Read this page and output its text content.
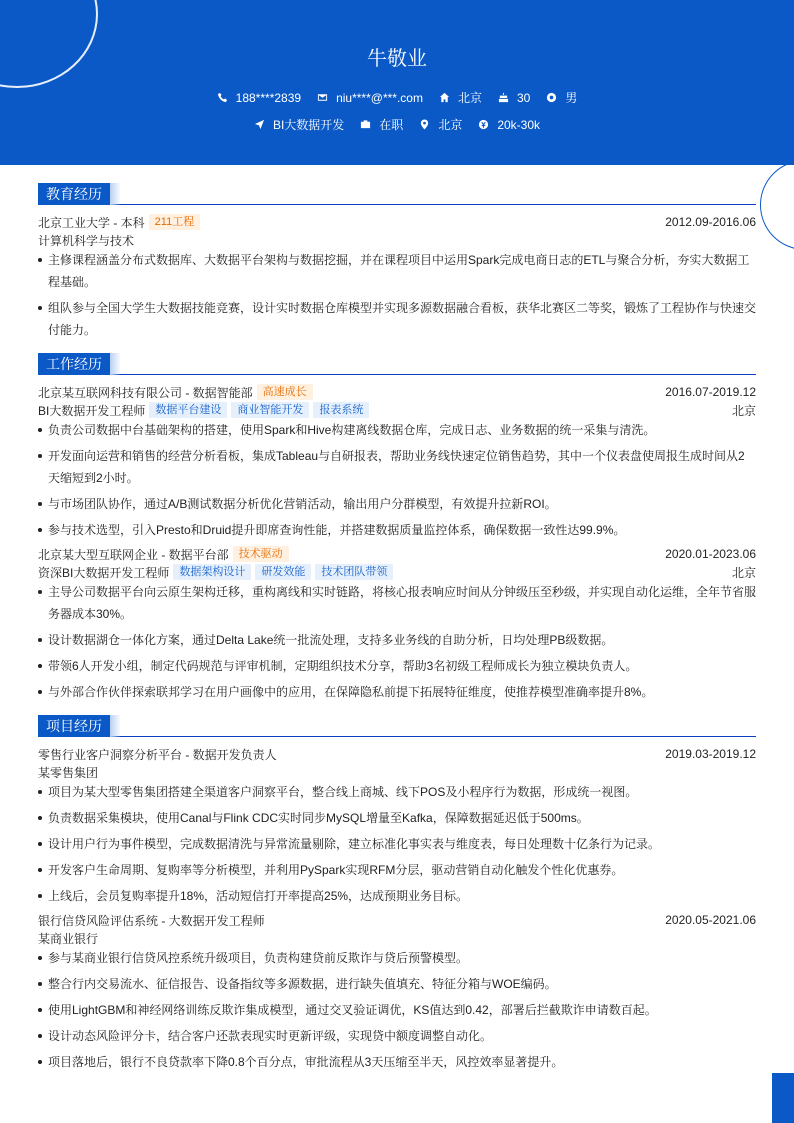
牛敬业
188****2839	niu****@***.com	北京	30	男
BI大数据开发	在职	北京	20k-30k
教育经历
北京工业大学 - 本科 211工程	2012.09-2016.06
计算机科学与技术
主修课程涵盖分布式数据库、大数据平台架构与数据挖掘，并在课程项目中运用Spark完成电商日志的ETL与聚合分析，夯实大数据工程基础。
组队参与全国大学生大数据技能竞赛，设计实时数据仓库模型并实现多源数据融合看板，获华北赛区二等奖，锻炼了工程协作与快速交付能力。
工作经历
北京某互联网科技有限公司 - 数据智能部 高速成长	2016.07-2019.12
BI大数据开发工程师 数据平台建设	商业智能开发	报表系统	北京
负责公司数据中台基础架构的搭建，使用Spark和Hive构建离线数据仓库，完成日志、业务数据的统一采集与清洗。
开发面向运营和销售的经营分析看板，集成Tableau与自研报表，帮助业务线快速定位销售趋势，其中一个仪表盘使周报生成时间从2天缩短到2小时。
与市场团队协作，通过A/B测试数据分析优化营销活动，输出用户分群模型，有效提升拉新ROI。
参与技术选型，引入Presto和Druid提升即席查询性能，并搭建数据质量监控体系，确保数据一致性达99.9%。
北京某大型互联网企业 - 数据平台部 技术驱动	2020.01-2023.06
资深BI大数据开发工程师 数据架构设计	研发效能	技术团队带领	北京
主导公司数据平台向云原生架构迁移，重构离线和实时链路，将核心报表响应时间从分钟级压至秒级，并实现自动化运维，全年节省服务器成本30%。
设计数据湖仓一体化方案，通过Delta Lake统一批流处理，支持多业务线的自助分析，日均处理PB级数据。
带领6人开发小组，制定代码规范与评审机制，定期组织技术分享，帮助3名初级工程师成长为独立模块负责人。
与外部合作伙伴探索联邦学习在用户画像中的应用，在保障隐私前提下拓展特征维度，使推荐模型准确率提升8%。
项目经历
零售行业客户洞察分析平台 - 数据开发负责人	2019.03-2019.12
某零售集团
项目为某大型零售集团搭建全渠道客户洞察平台，整合线上商城、线下POS及小程序行为数据，形成统一视图。
负责数据采集模块，使用Canal与Flink CDC实时同步MySQL增量至Kafka，保障数据延迟低于500ms。
设计用户行为事件模型，完成数据清洗与异常流量剔除，建立标准化事实表与维度表，每日处理数十亿条行为记录。
开发客户生命周期、复购率等分析模型，并利用PySpark实现RFM分层，驱动营销自动化触发个性化优惠券。
上线后，会员复购率提升18%，活动短信打开率提高25%，达成预期业务目标。
银行信贷风险评估系统 - 大数据开发工程师	2020.05-2021.06
某商业银行
参与某商业银行信贷风控系统升级项目，负责构建贷前反欺诈与贷后预警模型。
整合行内交易流水、征信报告、设备指纹等多源数据，进行缺失值填充、特征分箱与WOE编码。
使用LightGBM和神经网络训练反欺诈集成模型，通过交叉验证调优，KS值达到0.42，部署后拦截欺诈申请数百起。
设计动态风险评分卡，结合客户还款表现实时更新评级，实现贷中额度调整自动化。
项目落地后，银行不良贷款率下降0.8个百分点，审批流程从3天压缩至半天，风控效率显著提升。
